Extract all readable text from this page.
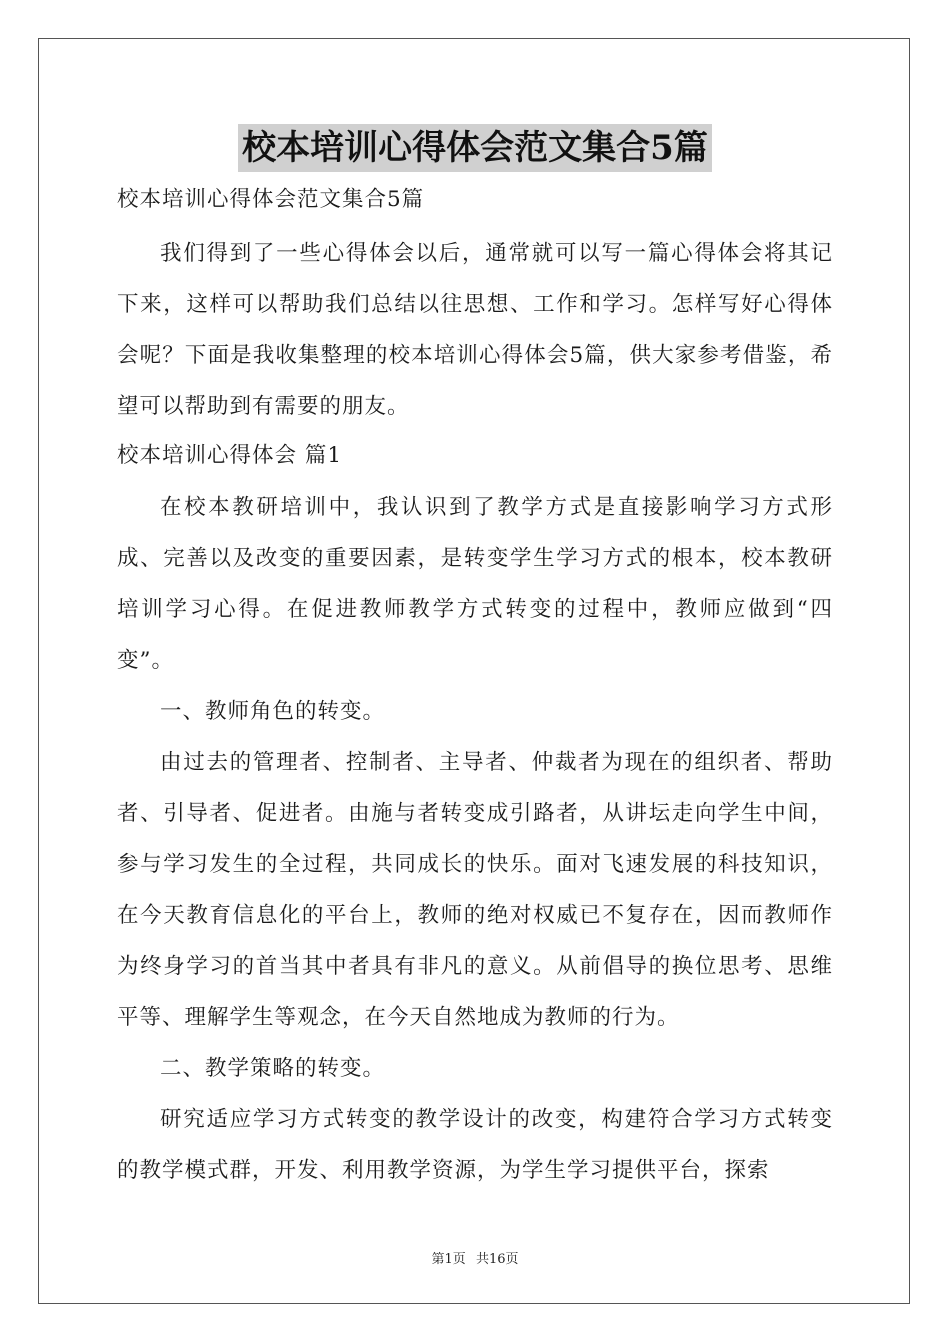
校本培训心得体会范文集合5篇

校本培训心得体会范文集合5篇

我们得到了一些心得体会以后，通常就可以写一篇心得体会将其记下来，这样可以帮助我们总结以往思想、工作和学习。怎样写好心得体会呢？下面是我收集整理的校本培训心得体会5篇，供大家参考借鉴，希望可以帮助到有需要的朋友。

校本培训心得体会 篇1

在校本教研培训中，我认识到了教学方式是直接影响学习方式形成、完善以及改变的重要因素，是转变学生学习方式的根本，校本教研培训学习心得。在促进教师教学方式转变的过程中，教师应做到“四变”。

一、教师角色的转变。

由过去的管理者、控制者、主导者、仲裁者为现在的组织者、帮助者、引导者、促进者。由施与者转变成引路者，从讲坛走向学生中间，参与学习发生的全过程，共同成长的快乐。面对飞速发展的科技知识，在今天教育信息化的平台上，教师的绝对权威已不复存在，因而教师作为终身学习的首当其中者具有非凡的意义。从前倡导的换位思考、思维平等、理解学生等观念，在今天自然地成为教师的行为。

二、教学策略的转变。

研究适应学习方式转变的教学设计的改变，构建符合学习方式转变的教学模式群，开发、利用教学资源，为学生学习提供平台，探索

第1页 共16页
